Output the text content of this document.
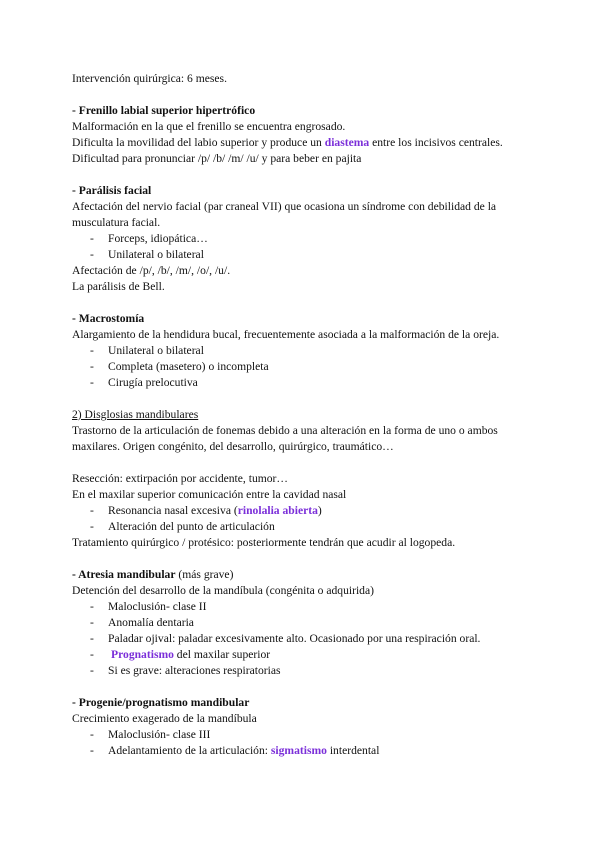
Intervención quirúrgica: 6 meses.
- Frenillo labial superior hipertrófico
Malformación en la que el frenillo se encuentra engrosado.
Dificulta la movilidad del labio superior y produce un diastema entre los incisivos centrales.
Dificultad para pronunciar /p/ /b/ /m/ /u/ y para beber en pajita
- Parálisis facial
Afectación del nervio facial (par craneal VII) que ocasiona un síndrome con debilidad de la musculatura facial.
- Forceps, idiopática…
- Unilateral o bilateral
Afectación de /p/, /b/, /m/, /o/, /u/.
La parálisis de Bell.
- Macrostomía
Alargamiento de la hendidura bucal, frecuentemente asociada a la malformación de la oreja.
- Unilateral o bilateral
- Completa (masetero) o incompleta
- Cirugía prelocutiva
2) Disglosias mandibulares
Trastorno de la articulación de fonemas debido a una alteración en la forma de uno o ambos maxilares. Origen congénito, del desarrollo, quirúrgico, traumático…
Resección: extirpación por accidente, tumor…
En el maxilar superior comunicación entre la cavidad nasal
- Resonancia nasal excesiva (rinolalia abierta)
- Alteración del punto de articulación
Tratamiento quirúrgico / protésico: posteriormente tendrán que acudir al logopeda.
- Atresia mandibular (más grave)
Detención del desarrollo de la mandíbula (congénita o adquirida)
- Maloclusión- clase II
- Anomalía dentaria
- Paladar ojival: paladar excesivamente alto. Ocasionado por una respiración oral.
- Prognatismo del maxilar superior
- Si es grave: alteraciones respiratorias
- Progenie/prognatismo mandibular
Crecimiento exagerado de la mandíbula
- Maloclusión- clase III
- Adelantamiento de la articulación: sigmatismo interdental
